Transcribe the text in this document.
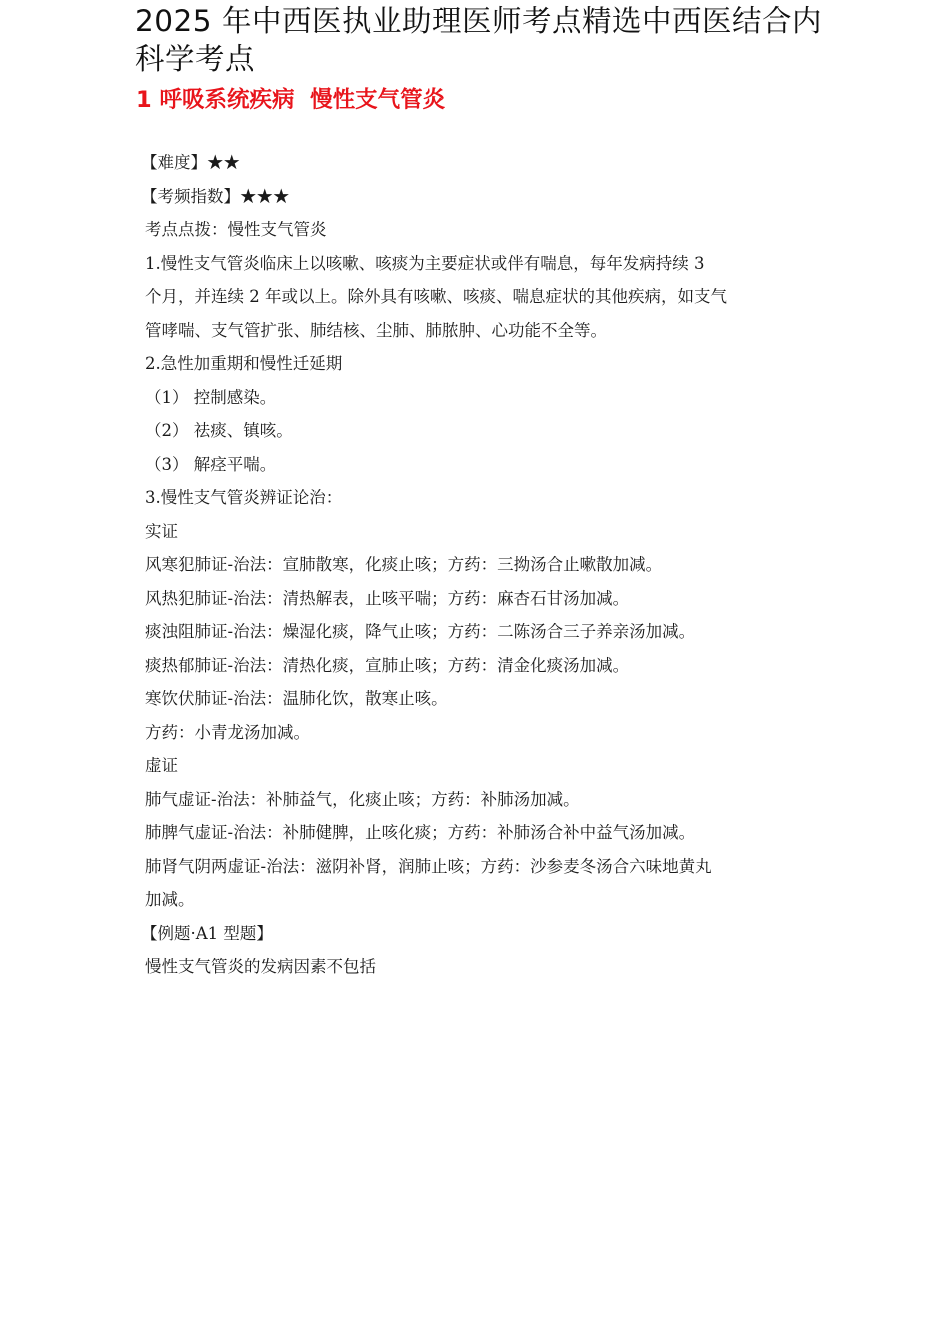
2025 年中西医执业助理医师考点精选中西医结合内科学考点
1 呼吸系统疾病  慢性支气管炎
【难度】★★
【考频指数】★★★
考点点拨：慢性支气管炎
1.慢性支气管炎临床上以咳嗽、咳痰为主要症状或伴有喘息，每年发病持续 3
个月，并连续 2 年或以上。除外具有咳嗽、咳痰、喘息症状的其他疾病，如支气
管哮喘、支气管扩张、肺结核、尘肺、肺脓肿、心功能不全等。
2.急性加重期和慢性迁延期
（1） 控制感染。
（2） 祛痰、镇咳。
（3） 解痉平喘。
3.慢性支气管炎辨证论治：
实证
风寒犯肺证-治法：宣肺散寒，化痰止咳；方药：三拗汤合止嗽散加减。
风热犯肺证-治法：清热解表，止咳平喘；方药：麻杏石甘汤加减。
痰浊阻肺证-治法：燥湿化痰，降气止咳；方药：二陈汤合三子养亲汤加减。
痰热郁肺证-治法：清热化痰，宣肺止咳；方药：清金化痰汤加减。
寒饮伏肺证-治法：温肺化饮，散寒止咳。
方药：小青龙汤加减。
虚证
肺气虚证-治法：补肺益气，化痰止咳；方药：补肺汤加减。
肺脾气虚证-治法：补肺健脾，止咳化痰；方药：补肺汤合补中益气汤加减。
肺肾气阴两虚证-治法：滋阴补肾，润肺止咳；方药：沙参麦冬汤合六味地黄丸
加减。
【例题·A1 型题】
慢性支气管炎的发病因素不包括
